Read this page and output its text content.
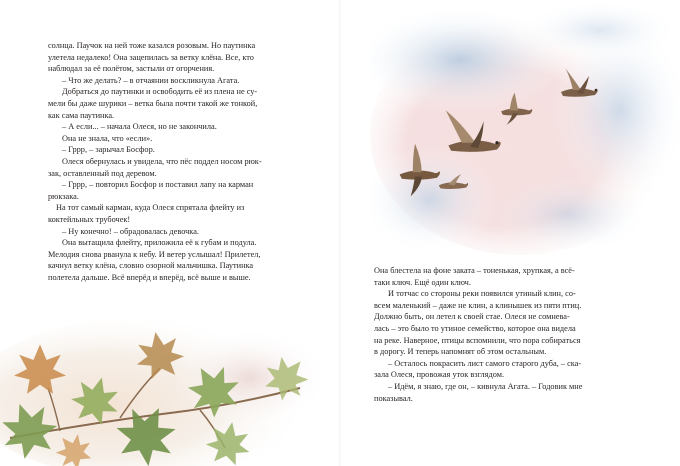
солнца. Паучок на ней тоже казался розовым. Но паутинка

улетела недалеко! Она зацепилась за ветку клёна. Все, кто

наблюдал за её полётом, застыли от огорчения.

– Что же делать? – в отчаянии воскликнула Агата.

Добраться до паутинки и освободить её из плена не су-

мели бы даже шурики – ветка была почти такой же тонкой,

как сама паутинка.

– А если... – начала Олеся, но не закончила.

Она не знала, что «если».

– Гррр, – зарычал Босфор.

Олеся обернулась и увидела, что пёс поддел носом рюк-

зак, оставленный под деревом.

– Гррр, – повторил Босфор и поставил лапу на карман

рюкзака.

На тот самый карман, куда Олеся спрятала флейту из

коктейльных трубочек!

– Ну конечно! – обрадовалась девочка.

Она вытащила флейту, приложила её к губам и подула.

Мелодия снова рванула к небу. И ветер услышал! Прилетел,

качнул ветку клёна, словно озорной мальчишка. Паутинка

полетела дальше. Всё вперёд и вперёд, всё выше и выше.

Она блестела на фоне заката – тоненькая, хрупкая, а всё-

таки ключ. Ещё один ключ.

И тотчас со стороны реки появился утиный клин, со-

всем маленький – даже не клин, а клинышек из пяти птиц.

Должно быть, он летел к своей стае. Олеся не сомнева-

лась – это было то утиное семейство, которое она видела

на реке. Наверное, птицы вспомнили, что пора собираться

в дорогу. И теперь напомнят об этом остальным.

– Осталось покрасить лист самого старого дуба, – ска-

зала Олеся, провожая уток взглядом.

– Идём, я знаю, где он, – кивнула Агата. – Годовик мне

показывал.
